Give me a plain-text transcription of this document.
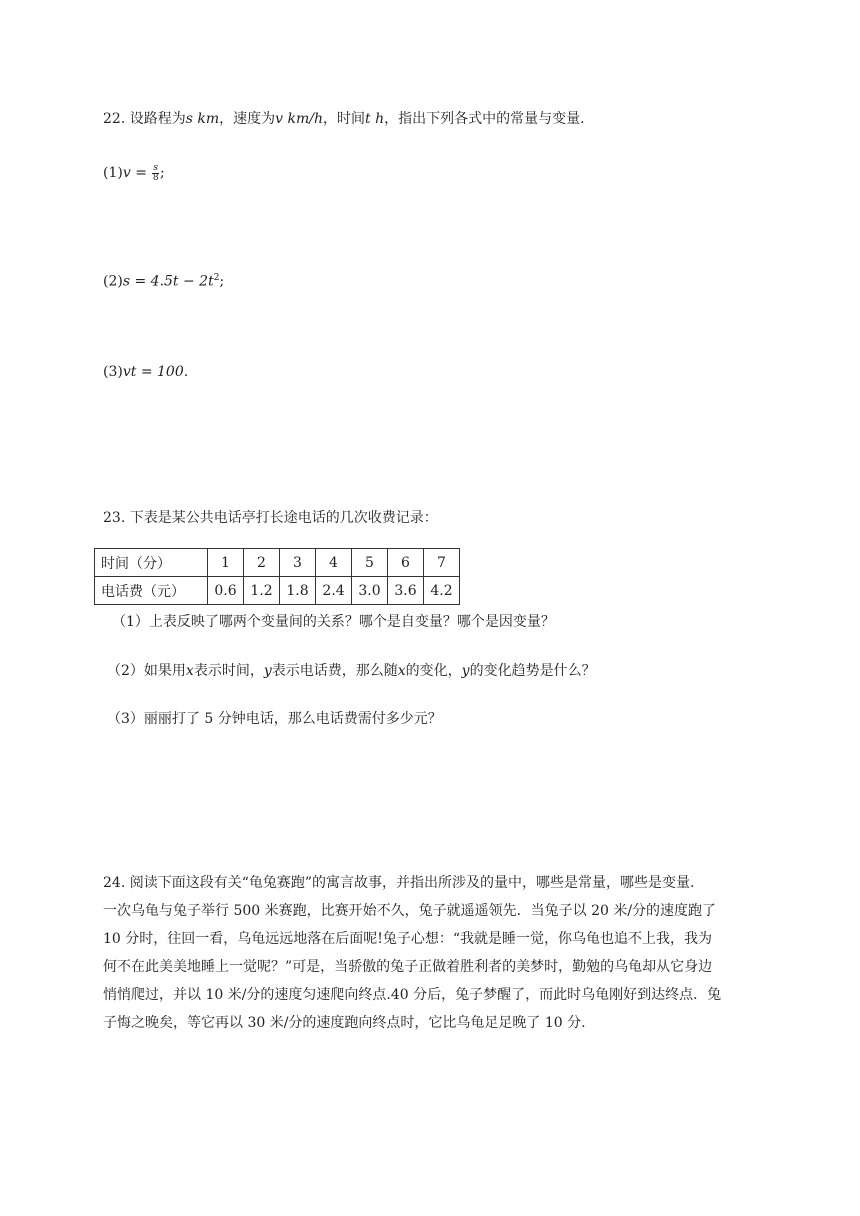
22. 设路程为s km，速度为v km/h，时间t h，指出下列各式中的常量与变量.
$(1)v = \frac{s}{8}$ ;
$(2)s = 4.5t - 2t^2$;
(3)vt = 100.
23. 下表是某公共电话亭打长途电话的几次收费记录：
时间（分）	1	2	3	4	5	6	7
电话费（元）	0.6	1.2	1.8	2.4	3.0	3.6	4.2
（1）上表反映了哪两个变量间的关系？哪个是自变量？哪个是因变量？
（2）如果用x表示时间，y表示电话费，那么随x的变化，y的变化趋势是什么？
（3）丽丽打了 5 分钟电话，那么电话费需付多少元？
24. 阅读下面这段有关“龟兔赛跑”的寓言故事，并指出所涉及的量中，哪些是常量，哪些是变量.
一次乌龟与兔子举行 500 米赛跑，比赛开始不久，兔子就遥遥领先．当兔子以 20 米/分的速度跑了
10 分时，往回一看，乌龟远远地落在后面呢!兔子心想：“我就是睡一觉，你乌龟也追不上我，我为
何不在此美美地睡上一觉呢？”可是，当骄傲的兔子正做着胜利者的美梦时，勤勉的乌龟却从它身边
悄悄爬过，并以 10 米/分的速度匀速爬向终点.40 分后，兔子梦醒了，而此时乌龟刚好到达终点．兔
子悔之晚矣，等它再以 30 米/分的速度跑向终点时，它比乌龟足足晚了 10 分.
